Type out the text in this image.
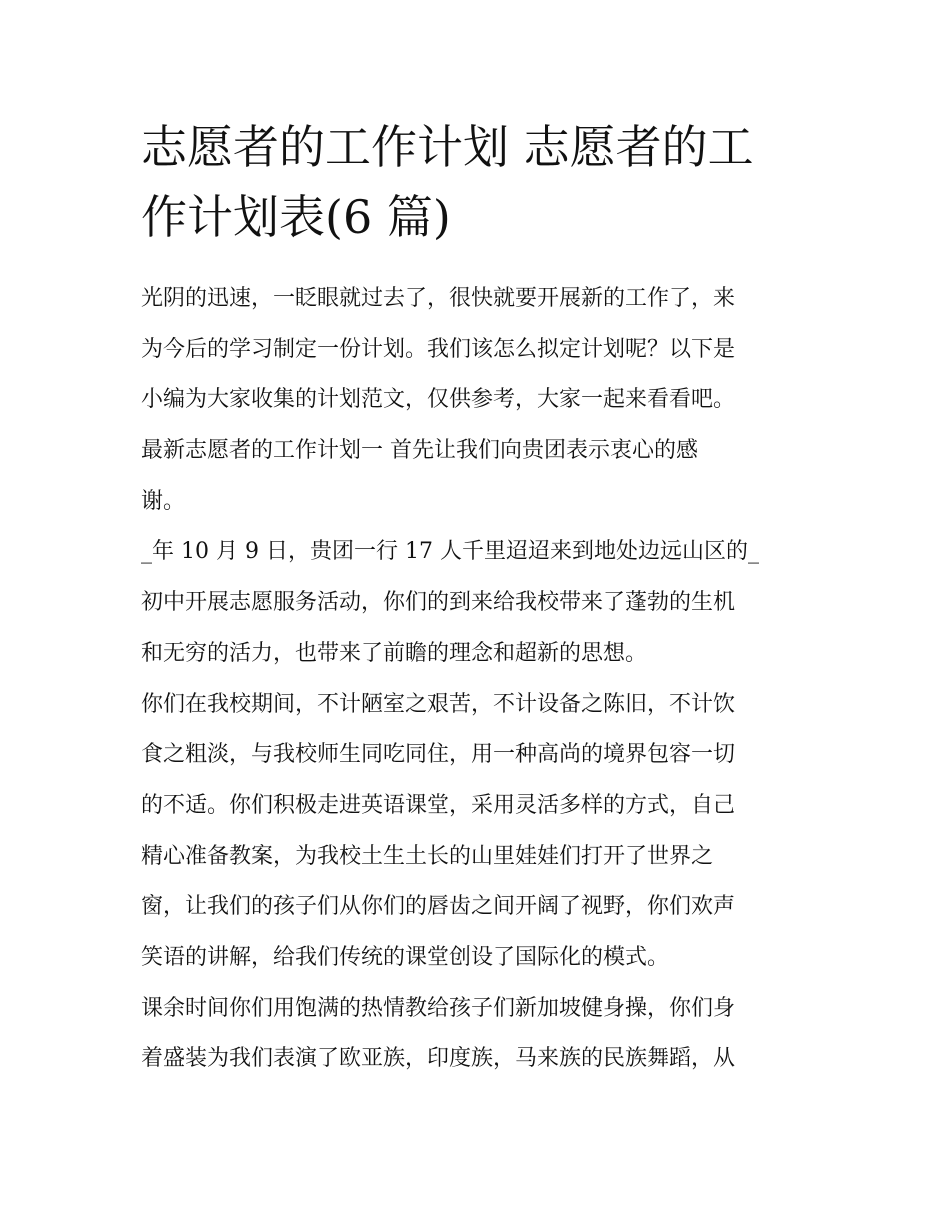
志愿者的工作计划 志愿者的工
作计划表(6 篇)
光阴的迅速，一眨眼就过去了，很快就要开展新的工作了，来
为今后的学习制定一份计划。我们该怎么拟定计划呢？以下是
小编为大家收集的计划范文，仅供参考，大家一起来看看吧。
最新志愿者的工作计划一 首先让我们向贵团表示衷心的感
谢。
_年 10 月 9 日，贵团一行 17 人千里迢迢来到地处边远山区的_
初中开展志愿服务活动，你们的到来给我校带来了蓬勃的生机
和无穷的活力，也带来了前瞻的理念和超新的思想。
你们在我校期间，不计陋室之艰苦，不计设备之陈旧，不计饮
食之粗淡，与我校师生同吃同住，用一种高尚的境界包容一切
的不适。你们积极走进英语课堂，采用灵活多样的方式，自己
精心准备教案，为我校土生土长的山里娃娃们打开了世界之
窗，让我们的孩子们从你们的唇齿之间开阔了视野，你们欢声
笑语的讲解，给我们传统的课堂创设了国际化的模式。
课余时间你们用饱满的热情教给孩子们新加坡健身操，你们身
着盛装为我们表演了欧亚族，印度族，马来族的民族舞蹈，从
